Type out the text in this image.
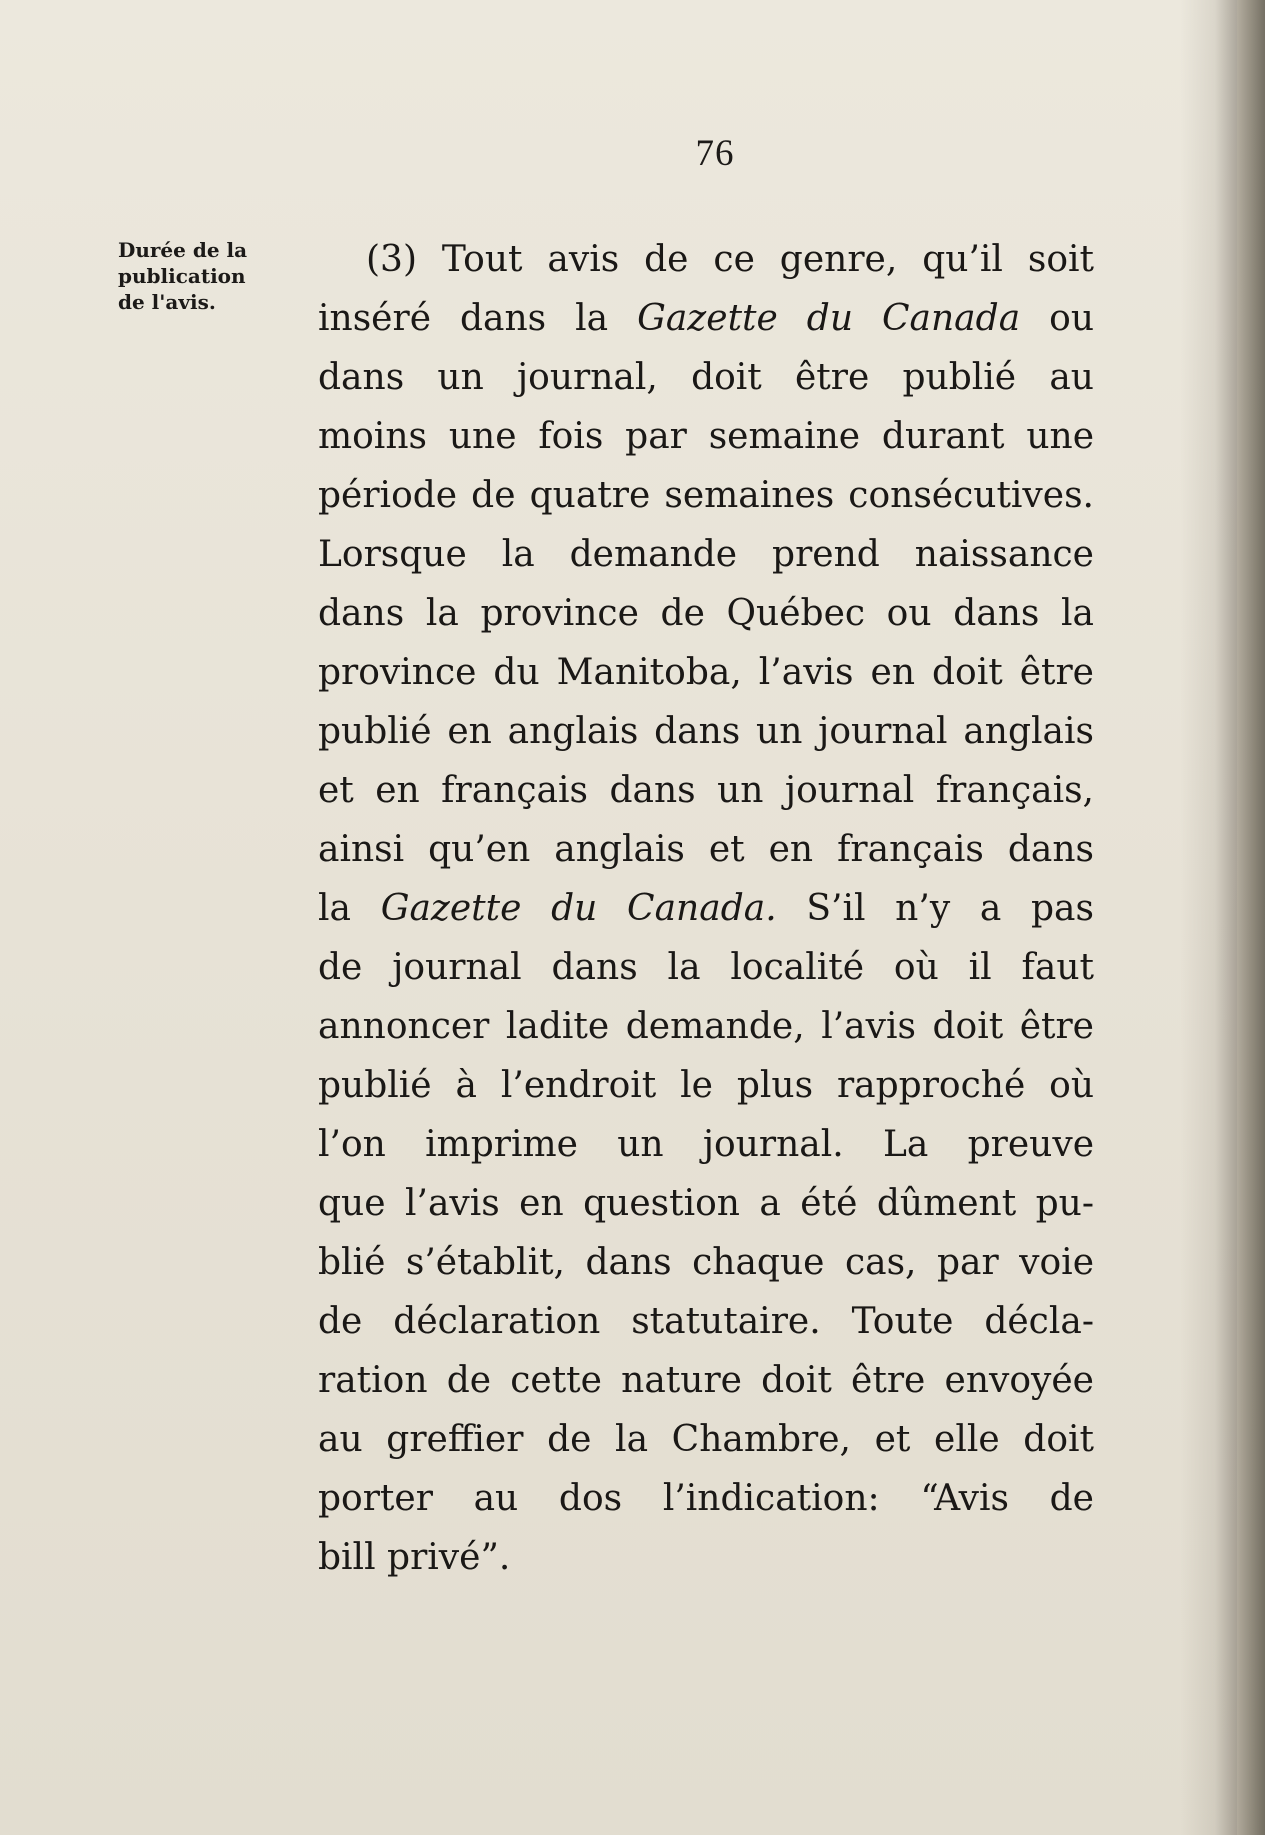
76
Durée de la
publication
de l'avis.
(3) Tout avis de ce genre, qu’il soit
inséré dans la Gazette du Canada ou
dans un journal, doit être publié au
moins une fois par semaine durant une
période de quatre semaines consécutives.
Lorsque la demande prend naissance
dans la province de Québec ou dans la
province du Manitoba, l’avis en doit être
publié en anglais dans un journal anglais
et en français dans un journal français,
ainsi qu’en anglais et en français dans
la Gazette du Canada. S’il n’y a pas
de journal dans la localité où il faut
annoncer ladite demande, l’avis doit être
publié à l’endroit le plus rapproché où
l’on imprime un journal. La preuve
que l’avis en question a été dûment pu-
blié s’établit, dans chaque cas, par voie
de déclaration statutaire. Toute décla-
ration de cette nature doit être envoyée
au greffier de la Chambre, et elle doit
porter au dos l’indication: “Avis de
bill privé”.
